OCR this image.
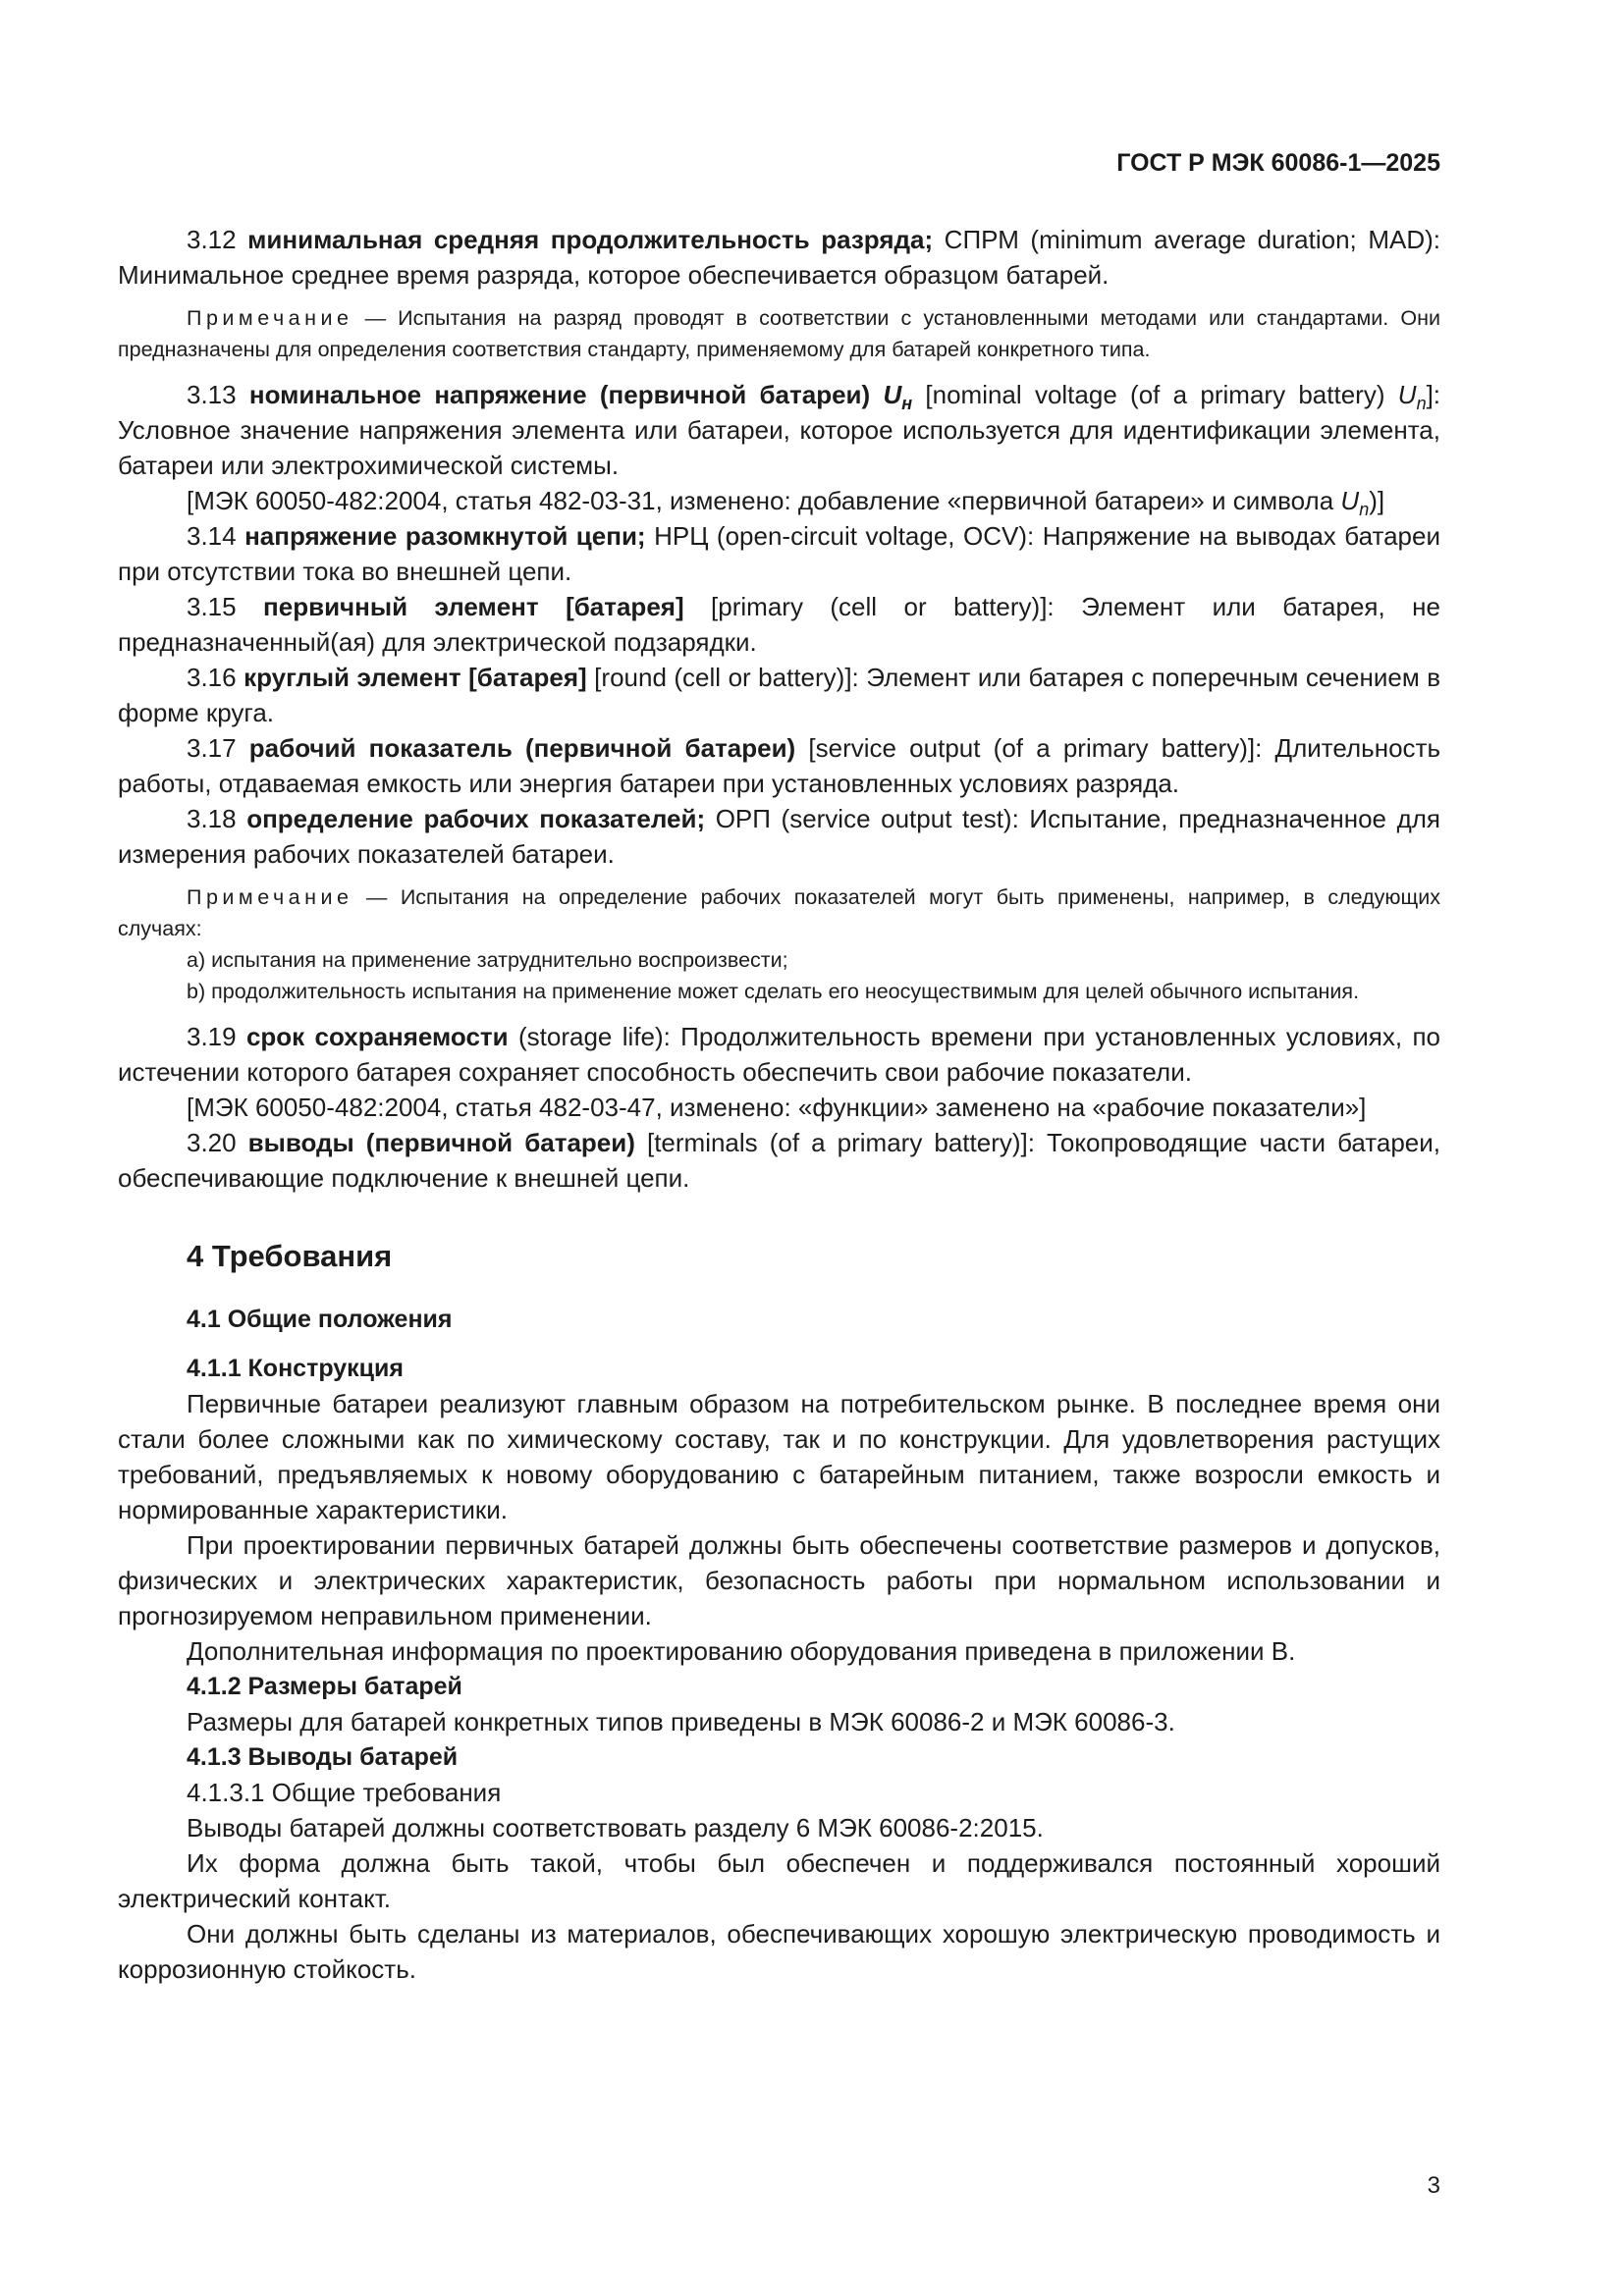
ГОСТ Р МЭК 60086-1—2025

3.12 минимальная средняя продолжительность разряда; СПРМ (minimum average duration; MAD): Минимальное среднее время разряда, которое обеспечивается образцом батарей.

Примечание — Испытания на разряд проводят в соответствии с установленными методами или стандартами. Они предназначены для определения соответствия стандарту, применяемому для батарей конкретного типа.

3.13 номинальное напряжение (первичной батареи) $U_н$ [nominal voltage (of a primary battery) $U_n$]: Условное значение напряжения элемента или батареи, которое используется для идентификации элемента, батареи или электрохимической системы.

[МЭК 60050-482:2004, статья 482-03-31, изменено: добавление «первичной батареи» и символа $U_n$)]

3.14 напряжение разомкнутой цепи; НРЦ (open-circuit voltage, OCV): Напряжение на выводах батареи при отсутствии тока во внешней цепи.

3.15 первичный элемент [батарея] [primary (cell or battery)]: Элемент или батарея, не предназначенный(ая) для электрической подзарядки.

3.16 круглый элемент [батарея] [round (cell or battery)]: Элемент или батарея с поперечным сечением в форме круга.

3.17 рабочий показатель (первичной батареи) [service output (of a primary battery)]: Длительность работы, отдаваемая емкость или энергия батареи при установленных условиях разряда.

3.18 определение рабочих показателей; ОРП (service output test): Испытание, предназначенное для измерения рабочих показателей батареи.

Примечание — Испытания на определение рабочих показателей могут быть применены, например, в следующих случаях:

а) испытания на применение затруднительно воспроизвести;

b) продолжительность испытания на применение может сделать его неосуществимым для целей обычного испытания.

3.19 срок сохраняемости (storage life): Продолжительность времени при установленных условиях, по истечении которого батарея сохраняет способность обеспечить свои рабочие показатели.

[МЭК 60050-482:2004, статья 482-03-47, изменено: «функции» заменено на «рабочие показатели»]

3.20 выводы (первичной батареи) [terminals (of a primary battery)]: Токопроводящие части батареи, обеспечивающие подключение к внешней цепи.

4 Требования
4.1 Общие положения
4.1.1 Конструкция

Первичные батареи реализуют главным образом на потребительском рынке. В последнее время они стали более сложными как по химическому составу, так и по конструкции. Для удовлетворения растущих требований, предъявляемых к новому оборудованию с батарейным питанием, также возросли емкость и нормированные характеристики.

При проектировании первичных батарей должны быть обеспечены соответствие размеров и допусков, физических и электрических характеристик, безопасность работы при нормальном использовании и прогнозируемом неправильном применении.

Дополнительная информация по проектированию оборудования приведена в приложении В.

4.1.2 Размеры батарей

Размеры для батарей конкретных типов приведены в МЭК 60086-2 и МЭК 60086-3.

4.1.3 Выводы батарей

4.1.3.1 Общие требования

Выводы батарей должны соответствовать разделу 6 МЭК 60086-2:2015.

Их форма должна быть такой, чтобы был обеспечен и поддерживался постоянный хороший электрический контакт.

Они должны быть сделаны из материалов, обеспечивающих хорошую электрическую проводимость и коррозионную стойкость.

3
